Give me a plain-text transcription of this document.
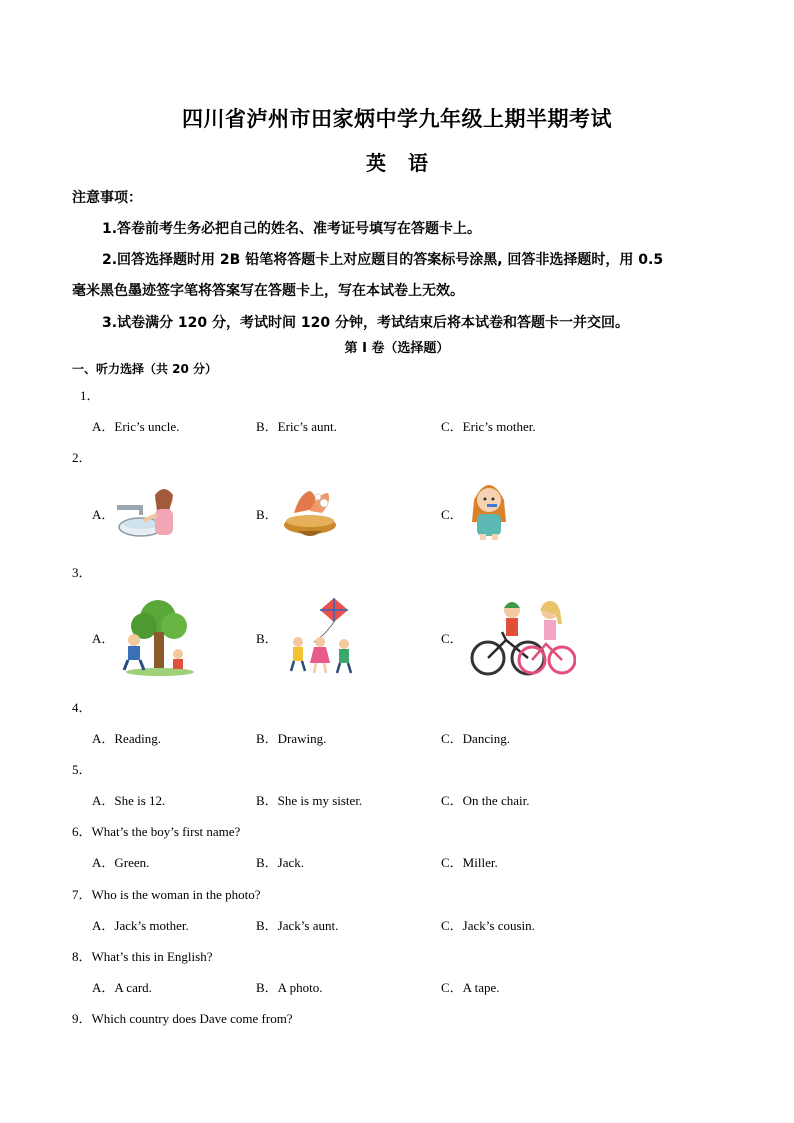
四川省泸州市田家炳中学九年级上期半期考试
英语
注意事项：
1.答卷前考生务必把自己的姓名、准考证号填写在答题卡上。
2.回答选择题时用 2B 铅笔将答题卡上对应题目的答案标号涂黑, 回答非选择题时，用 0.5
毫米黑色墨迹签字笔将答案写在答题卡上，写在本试卷上无效。
3.试卷满分 120 分，考试时间 120 分钟，考试结束后将本试卷和答题卡一并交回。
第 I 卷（选择题）
一、听力选择（共 20 分）
1．
A．Eric’s uncle.	B．Eric’s aunt.	C．Eric’s mother.
2．
A．	B．	C．
3．
A．	B．	C．
4．
A．Reading.	B．Drawing.	C．Dancing.
5．
A．She is 12.	B．She is my sister.	C．On the chair.
6．What’s the boy’s first name?
A．Green.	B．Jack.	C．Miller.
7．Who is the woman in the photo?
A．Jack’s mother.	B．Jack’s aunt.	C．Jack’s cousin.
8．What’s this in English?
A．A card.	B．A photo.	C．A tape.
9．Which country does Dave come from?
